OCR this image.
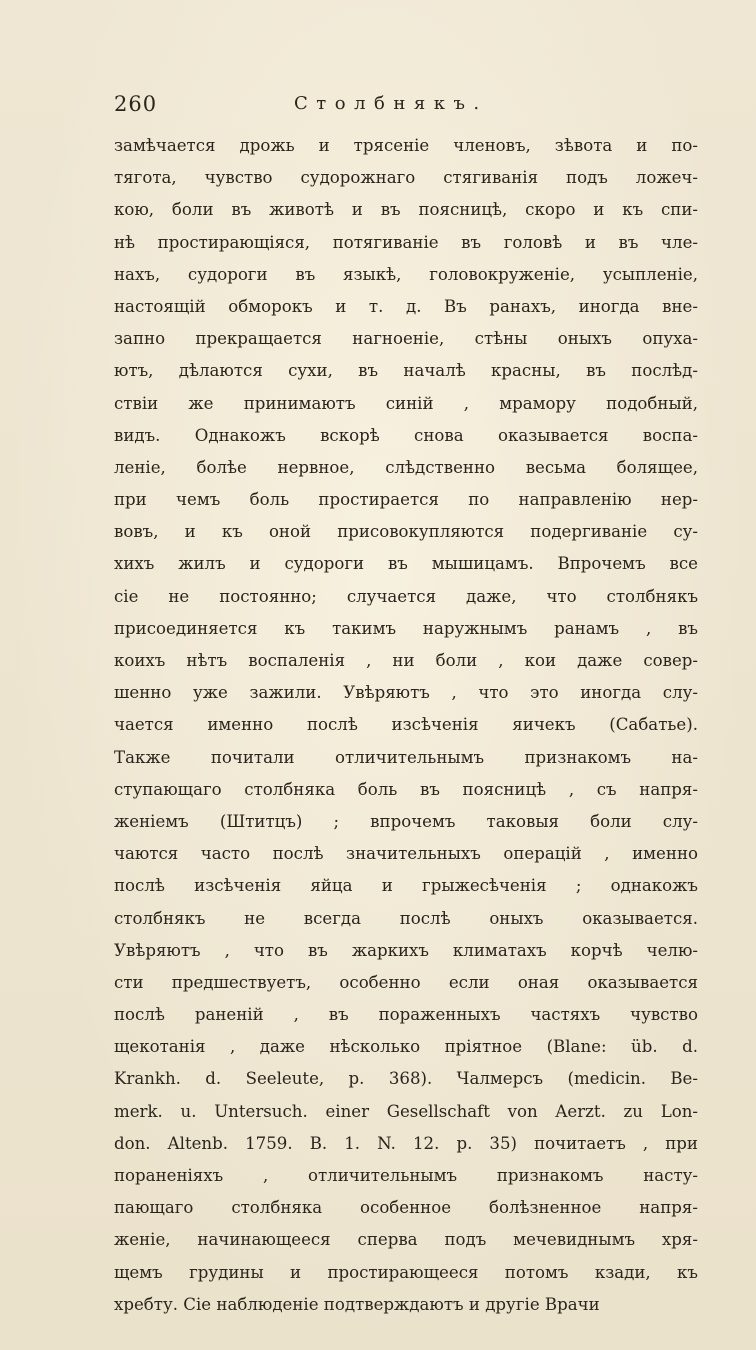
260	Столбнякъ.
замѣчается дрожь и трясеніе членовъ, зѣвота и по-
тягота, чувство судорожнаго стягиванія подъ ложеч-
кою, боли въ животѣ и въ поясницѣ, скоро и къ спи-
нѣ простирающіяся, потягиваніе въ головѣ и въ чле-
нахъ, судороги въ языкѣ, головокруженіе, усыпленіе,
настоящій обморокъ и т. д. Въ ранахъ, иногда вне-
запно прекращается нагноеніе, стѣны оныхъ опуха-
ютъ, дѣлаются сухи, въ началѣ красны, въ послѣд-
ствіи же принимаютъ синій , мрамору подобный,
видъ. Однакожъ вскорѣ снова оказывается воспа-
леніе, болѣе нервное, слѣдственно весьма болящее,
при чемъ боль простирается по направленію нер-
вовъ, и къ оной присовокупляются подергиваніе су-
хихъ жилъ и судороги въ мышицамъ. Впрочемъ все
сіе не постоянно; случается даже, что столбнякъ
присоединяется къ такимъ наружнымъ ранамъ , въ
коихъ нѣтъ воспаленія , ни боли , кои даже совер-
шенно уже зажили. Увѣряютъ , что это иногда слу-
чается именно послѣ изсѣченія яичекъ (Сабатье).
Также почитали отличительнымъ признакомъ на-
ступающаго столбняка боль въ поясницѣ , съ напря-
женіемъ (Штитцъ) ; впрочемъ таковыя боли слу-
чаются часто послѣ значительныхъ операцій , именно
послѣ изсѣченія яйца и грыжесѣченія ; однакожъ
столбнякъ не всегда послѣ оныхъ оказывается.
Увѣряютъ , что въ жаркихъ климатахъ корчѣ челю-
сти предшествуетъ, особенно если оная оказывается
послѣ раненій , въ пораженныхъ частяхъ чувство
щекотанія , даже нѣсколько пріятное (Blane: üb. d.
Krankh. d. Seeleute, p. 368). Чалмерсъ (medicin. Be-
merk. u. Untersuch. einer Gesellschaft von Aerzt. zu Lon-
don. Altenb. 1759. B. 1. N. 12. p. 35) почитаетъ , при
пораненіяхъ , отличительнымъ признакомъ насту-
пающаго столбняка особенное болѣзненное напря-
женіе, начинающееся сперва подъ мечевиднымъ хря-
щемъ грудины и простирающееся потомъ кзади, къ
хребту. Сіе наблюденіе подтверждаютъ и другіе Врачи
